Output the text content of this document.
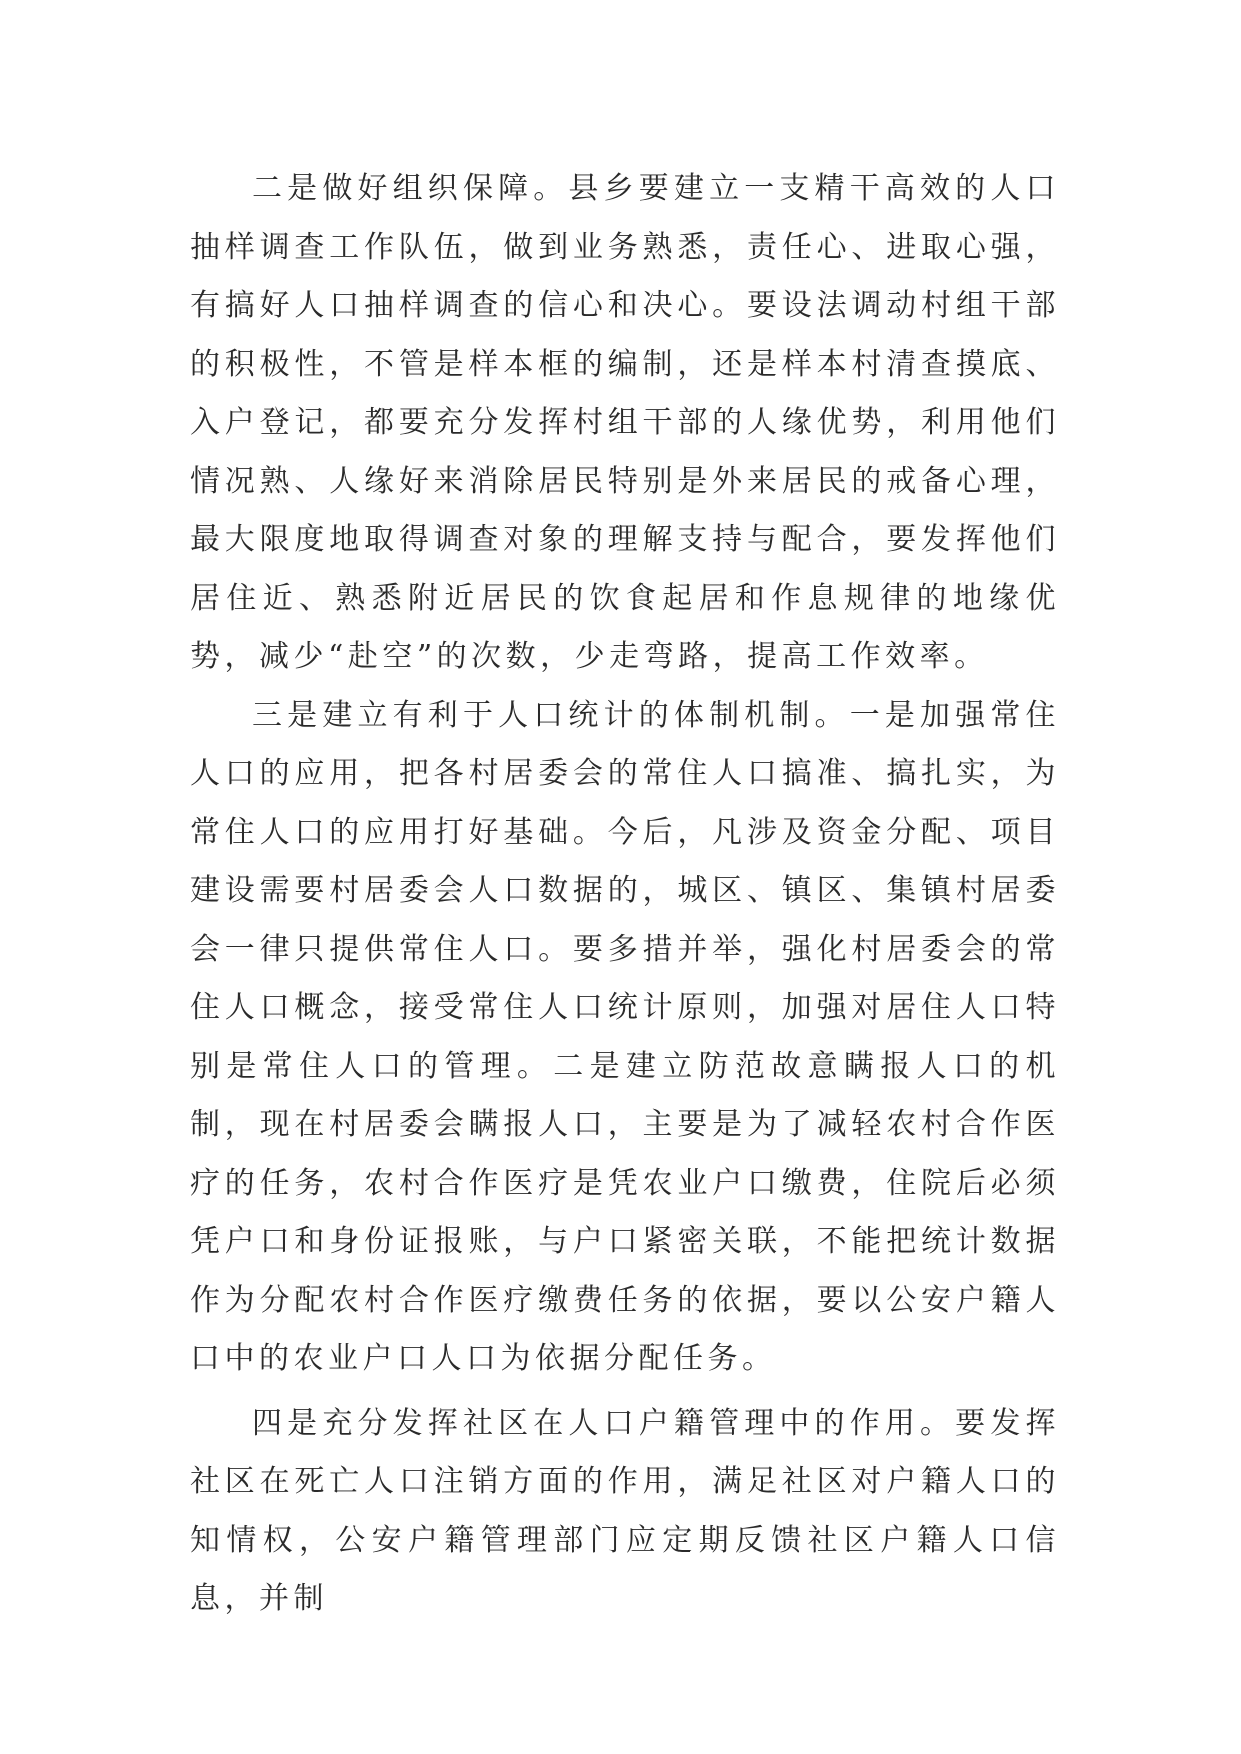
二是做好组织保障。县乡要建立一支精干高效的人口抽样调查工作队伍，做到业务熟悉，责任心、进取心强，有搞好人口抽样调查的信心和决心。要设法调动村组干部的积极性，不管是样本框的编制，还是样本村清查摸底、入户登记，都要充分发挥村组干部的人缘优势，利用他们情况熟、人缘好来消除居民特别是外来居民的戒备心理，最大限度地取得调查对象的理解支持与配合，要发挥他们居住近、熟悉附近居民的饮食起居和作息规律的地缘优势，减少“赴空”的次数，少走弯路，提高工作效率。

三是建立有利于人口统计的体制机制。一是加强常住人口的应用，把各村居委会的常住人口搞准、搞扎实，为常住人口的应用打好基础。今后，凡涉及资金分配、项目建设需要村居委会人口数据的，城区、镇区、集镇村居委会一律只提供常住人口。要多措并举，强化村居委会的常住人口概念，接受常住人口统计原则，加强对居住人口特别是常住人口的管理。二是建立防范故意瞒报人口的机制，现在村居委会瞒报人口，主要是为了减轻农村合作医疗的任务，农村合作医疗是凭农业户口缴费，住院后必须凭户口和身份证报账，与户口紧密关联，不能把统计数据作为分配农村合作医疗缴费任务的依据，要以公安户籍人口中的农业户口人口为依据分配任务。

四是充分发挥社区在人口户籍管理中的作用。要发挥社区在死亡人口注销方面的作用，满足社区对户籍人口的知情权，公安户籍管理部门应定期反馈社区户籍人口信息，并制
